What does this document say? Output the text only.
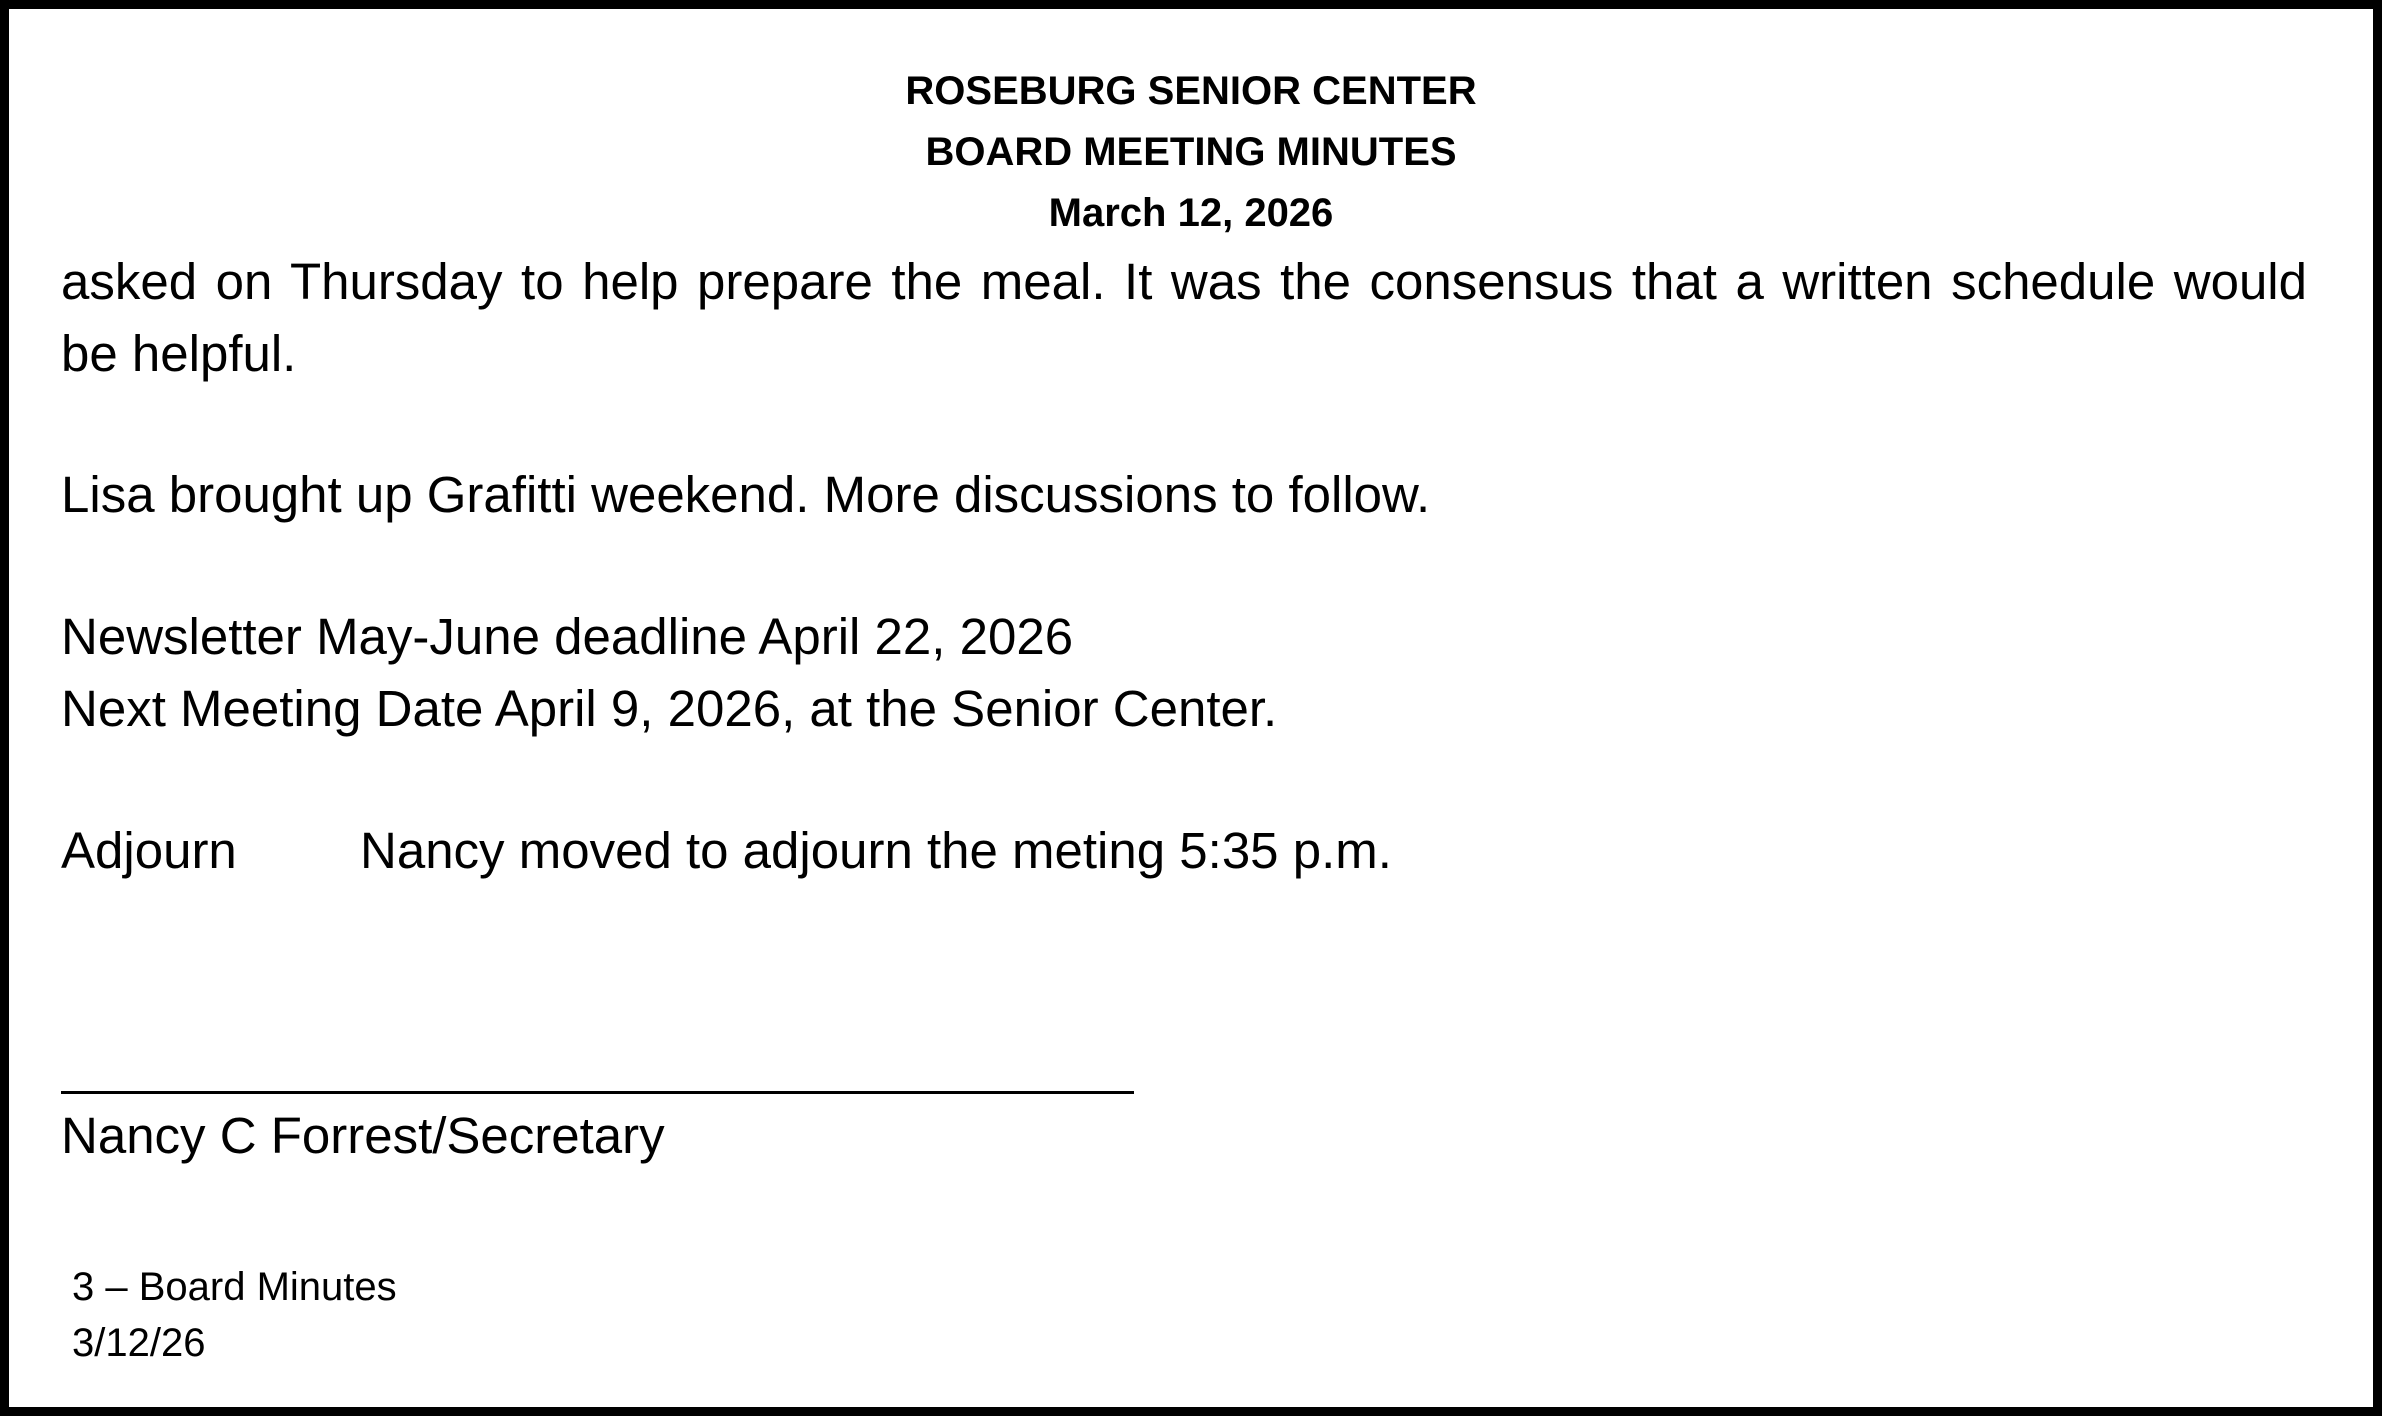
ROSEBURG SENIOR CENTER
BOARD MEETING MINUTES
March 12, 2026
asked on Thursday to help prepare the meal. It was the consensus that a written schedule would be helpful.
Lisa brought up Grafitti weekend. More discussions to follow.
Newsletter May-June deadline April 22, 2026
Next Meeting Date April 9, 2026, at the Senior Center.
Adjourn Nancy moved to adjourn the meting 5:35 p.m.
Nancy C Forrest/Secretary
3 – Board Minutes
3/12/26
